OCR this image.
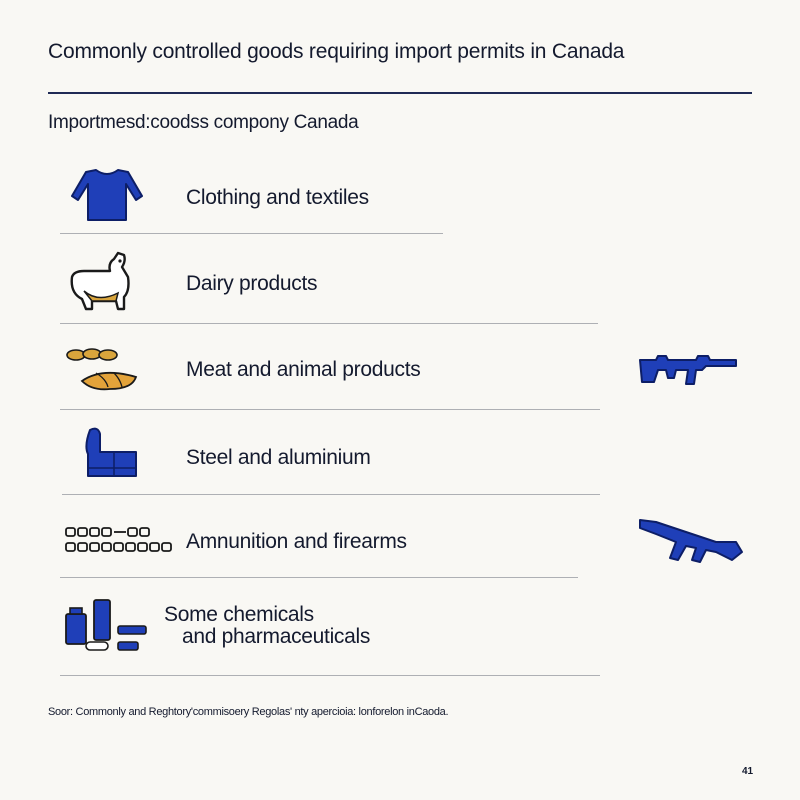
Commonly controlled goods requiring import permits in Canada
Importmesd:coodss compony Canada
Clothing and textiles
Dairy products
Meat and animal products
Steel and aluminium
Amnunition and firearms
Some chemicals
and pharmaceuticals
Soor: Commonly and Reghtory'commisoery Regolas' nty apercioia: lonforelon inCaoda.
41
